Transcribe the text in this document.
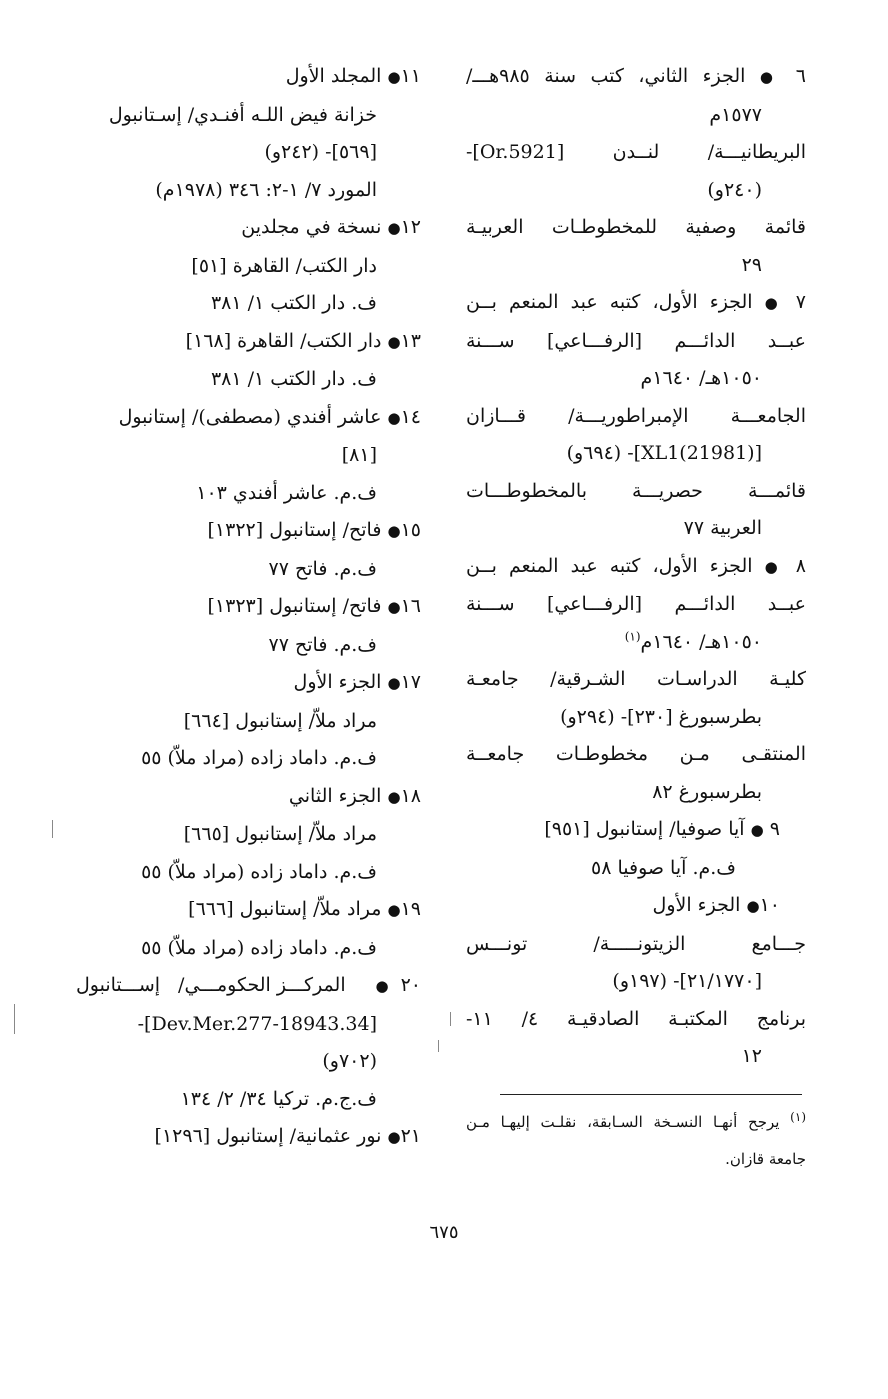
٦ ● الجزء الثاني، كتب سنة ٩٨٥هـــ/
١٥٧٧م
البريطانيـــة/ لنــدن [Or.5921]-
(٢٤٠و)
قائمة وصفية للمخطوطـات العربيـة
٢٩
٧ ● الجزء الأول، كتبه عبد المنعم بــن
عبــد الدائـــم [الرفـــاعي] ســـنة
١٠٥٠هـ/ ١٦٤٠م
الجامعـــة الإمبراطوريـــة/ قـــازان
[XL1(21981)]- (٦٩٤و)
قائمـــة حصريـــة بالمخطوطـــات
العربية ٧٧
٨ ● الجزء الأول، كتبه عبد المنعم بــن
عبــد الدائـــم [الرفـــاعي] ســـنة
١٠٥٠هـ/ ١٦٤٠م$^{(١)}$
كليـة الدراسـات الشـرقية/ جامعـة
بطرسبورغ [٢٣٠]- (٢٩٤و)
المنتقـى مـن مخطوطـات جامعــة
بطرسبورغ ٨٢
٩ ● آيا صوفيا/ إستانبول [٩٥١]
ف.م. آيا صوفيا ٥٨
١٠● الجزء الأول
جـــامع الزيتونـــــة/ تونـــس
[٢١/١٧٧٠]- (١٩٧و)
برنامج المكتبـة الصادقيـة ٤/ ١١-
١٢
١١● المجلد الأول
خزانة فيض اللـه أفنـدي/ إسـتانبول
[٥٦٩]- (٢٤٢و)
المورد ٧/ ١-٢: ٣٤٦ (١٩٧٨م)
١٢● نسخة في مجلدين
دار الكتب/ القاهرة [٥١]
ف. دار الكتب ١/ ٣٨١
١٣● دار الكتب/ القاهرة [١٦٨]
ف. دار الكتب ١/ ٣٨١
١٤● عاشر أفندي (مصطفى)/ إستانبول
[٨١]
ف.م. عاشر أفندي ١٠٣
١٥● فاتح/ إستانبول [١٣٢٢]
ف.م. فاتح ٧٧
١٦● فاتح/ إستانبول [١٣٢٣]
ف.م. فاتح ٧٧
١٧● الجزء الأول
مراد ملاّ/ إستانبول [٦٦٤]
ف.م. داماد زاده (مراد ملاّ) ٥٥
١٨● الجزء الثاني
مراد ملاّ/ إستانبول [٦٦٥]
ف.م. داماد زاده (مراد ملاّ) ٥٥
١٩● مراد ملاّ/ إستانبول [٦٦٦]
ف.م. داماد زاده (مراد ملاّ) ٥٥
٢٠● المركـــز الحكومـــي/ إســـتانبول
[34.Dev.Mer.277-18943]-
(٧٠٢و)
ف.ج.م. تركيا ٣٤/ ٢/ ١٣٤
٢١● نور عثمانية/ إستانبول [١٢٩٦]
$^{(١)}$ يرجح أنهـا النسـخة السـابقة، نقلـت إليهـا مـن
جامعة قازان.
٦٧٥
